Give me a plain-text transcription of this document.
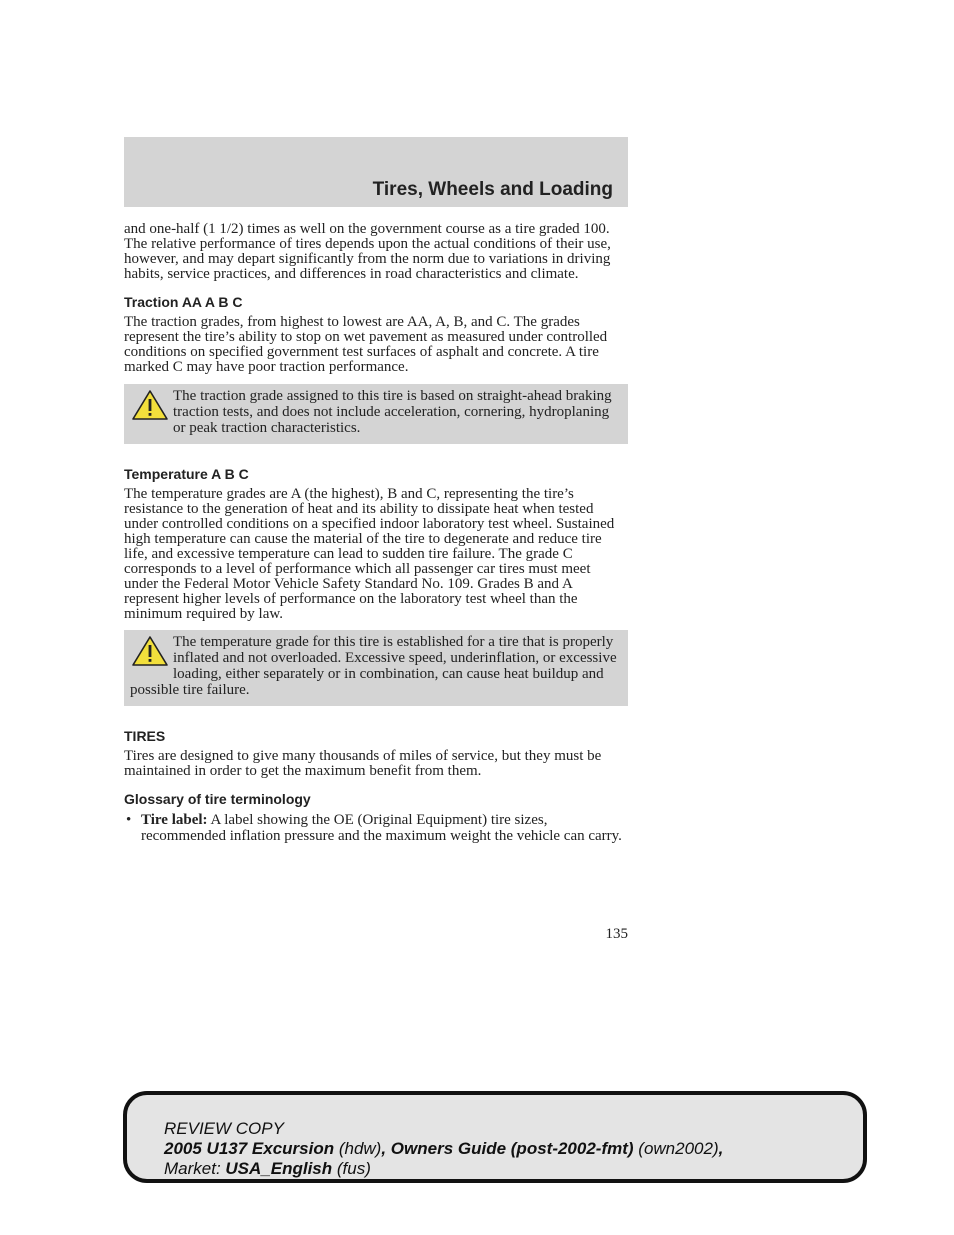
Tires, Wheels and Loading

and one-half (1 1/2) times as well on the government course as a tire graded 100. The relative performance of tires depends upon the actual conditions of their use, however, and may depart significantly from the norm due to variations in driving habits, service practices, and differences in road characteristics and climate.

Traction AA A B C

The traction grades, from highest to lowest are AA, A, B, and C. The grades represent the tire’s ability to stop on wet pavement as measured under controlled conditions on specified government test surfaces of asphalt and concrete. A tire marked C may have poor traction performance.

The traction grade assigned to this tire is based on straight-ahead braking traction tests, and does not include acceleration, cornering, hydroplaning or peak traction characteristics.

Temperature A B C

The temperature grades are A (the highest), B and C, representing the tire’s resistance to the generation of heat and its ability to dissipate heat when tested under controlled conditions on a specified indoor laboratory test wheel. Sustained high temperature can cause the material of the tire to degenerate and reduce tire life, and excessive temperature can lead to sudden tire failure. The grade C corresponds to a level of performance which all passenger car tires must meet under the Federal Motor Vehicle Safety Standard No. 109. Grades B and A represent higher levels of performance on the laboratory test wheel than the minimum required by law.

The temperature grade for this tire is established for a tire that is properly inflated and not overloaded. Excessive speed, underinflation, or excessive loading, either separately or in combination, can cause heat buildup and possible tire failure.

TIRES

Tires are designed to give many thousands of miles of service, but they must be maintained in order to get the maximum benefit from them.

Glossary of tire terminology
• Tire label: A label showing the OE (Original Equipment) tire sizes, recommended inflation pressure and the maximum weight the vehicle can carry.
135
REVIEW COPY
2005 U137 Excursion (hdw), Owners Guide (post-2002-fmt) (own2002),
Market: USA_English (fus)
